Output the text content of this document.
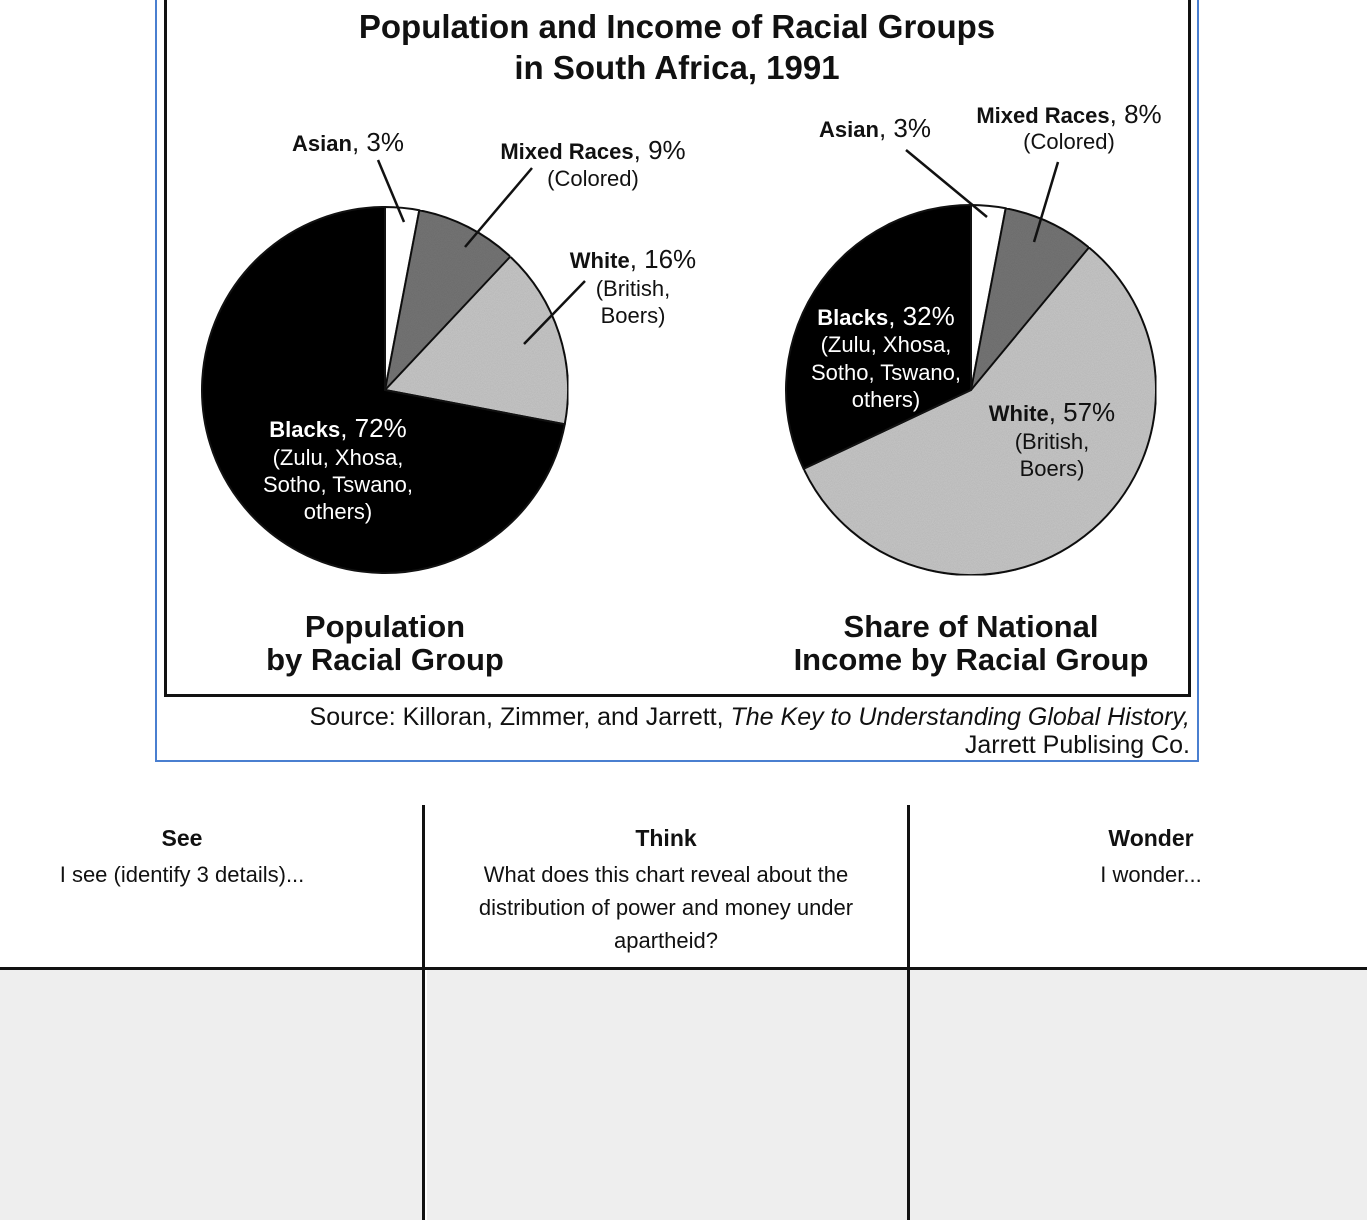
Population and Income of Racial Groups
in South Africa, 1991
Asian, 3%	Mixed Races, 9%
(Colored)
White, 16%
(British,
Boers)
Blacks, 72%
(Zulu, Xhosa,
Sotho, Tswano,
others)
Asian, 3% Mixed Races, 8%
(Colored)
Blacks, 32%
(Zulu, Xhosa,
Sotho, Tswano,
others)
White, 57%
(British,
Boers)
Population
by Racial Group
Share of National
Income by Racial Group
Source: Killoran, Zimmer, and Jarrett, The Key to Understanding Global History,
Jarrett Publising Co.
See
I see (identify 3 details)...
Think
What does this chart reveal about the
distribution of power and money under
apartheid?
Wonder
I wonder...
